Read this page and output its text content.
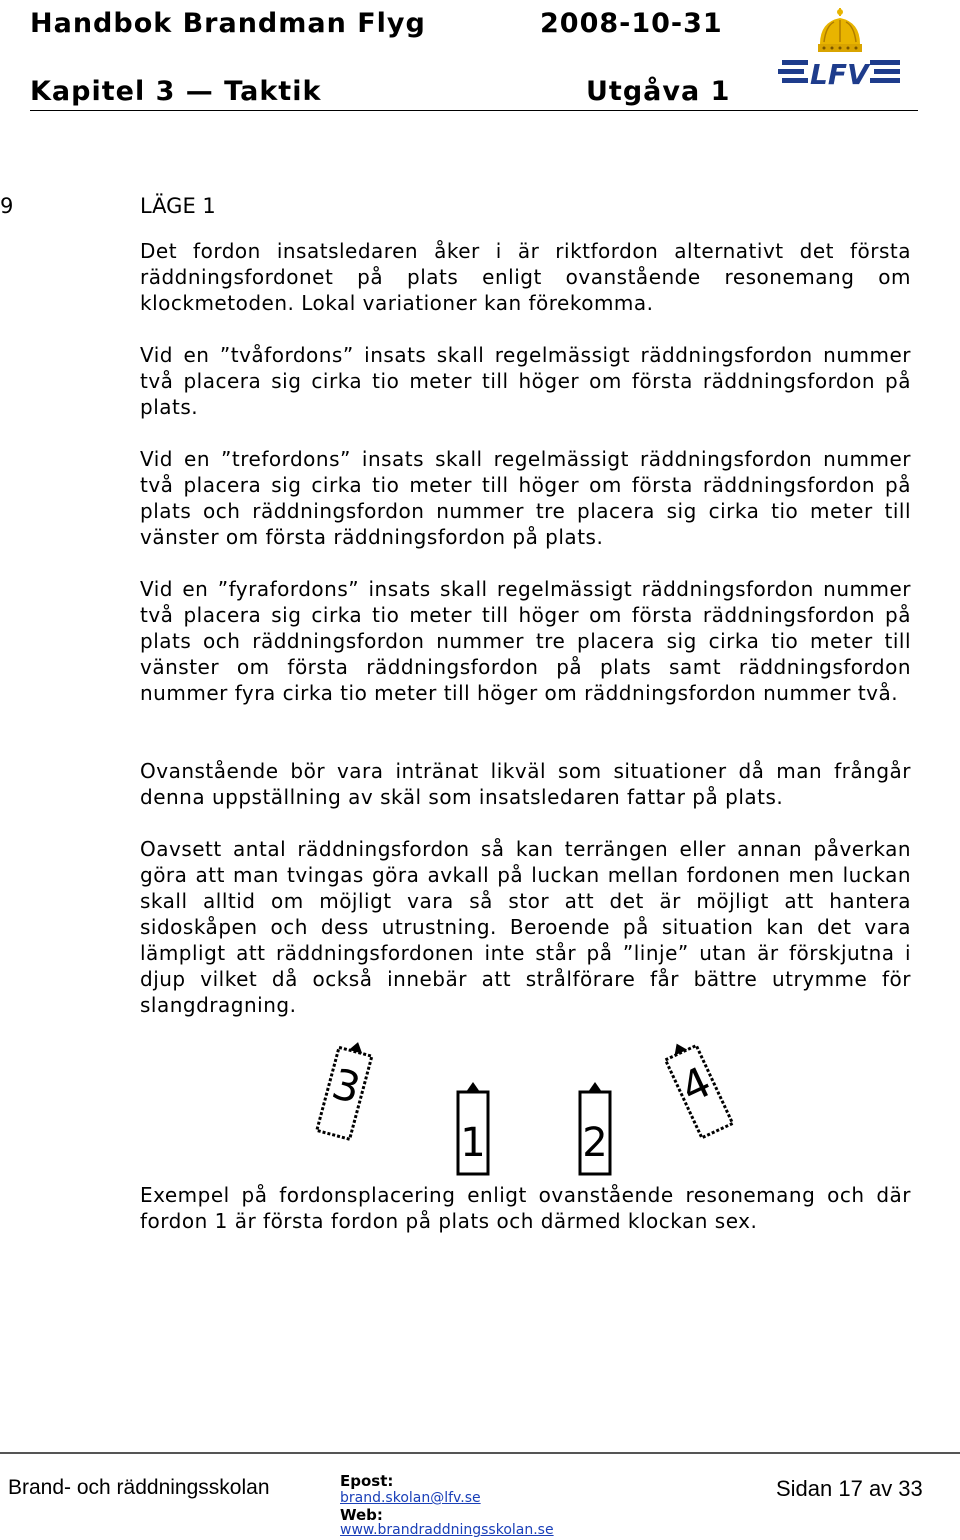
Handbok Brandman Flyg	2008-10-31
Kapitel 3 — Taktik	Utgåva 1
LFV
9	LÄGE 1

Det fordon insatsledaren åker i är riktfordon alternativt det första räddningsfordonet på plats enligt ovanstående resonemang om klockmetoden. Lokal variationer kan förekomma.

Vid en ”tvåfordons” insats skall regelmässigt räddningsfordon nummer två placera sig cirka tio meter till höger om första räddningsfordon på plats.

Vid en ”trefordons” insats skall regelmässigt räddningsfordon nummer två placera sig cirka tio meter till höger om första räddningsfordon på plats och räddningsfordon nummer tre placera sig cirka tio meter till vänster om första räddningsfordon på plats.

Vid en ”fyrafordons” insats skall regelmässigt räddningsfordon nummer två placera sig cirka tio meter till höger om första räddningsfordon på plats och räddningsfordon nummer tre placera sig cirka tio meter till vänster om första räddningsfordon på plats samt räddningsfordon nummer fyra cirka tio meter till höger om räddningsfordon nummer två.

Ovanstående bör vara intränat likväl som situationer då man frångår denna uppställning av skäl som insatsledaren fattar på plats.

Oavsett antal räddningsfordon så kan terrängen eller annan påverkan göra att man tvingas göra avkall på luckan mellan fordonen men luckan skall alltid om möjligt vara så stor att det är möjligt att hantera sidoskåpen och dess utrustning. Beroende på situation kan det vara lämpligt att räddningsfordonen inte står på ”linje” utan är förskjutna i djup vilket då också innebär att strålförare får bättre utrymme för slangdragning.

3
1 2
4

Exempel på fordonsplacering enligt ovanstående resonemang och där fordon 1 är första fordon på plats och därmed klockan sex.

Brand- och räddningsskolan	Epost:
brand.skolan@lfv.se
Web:
www.brandraddningsskolan.se
Sidan 17 av 33
